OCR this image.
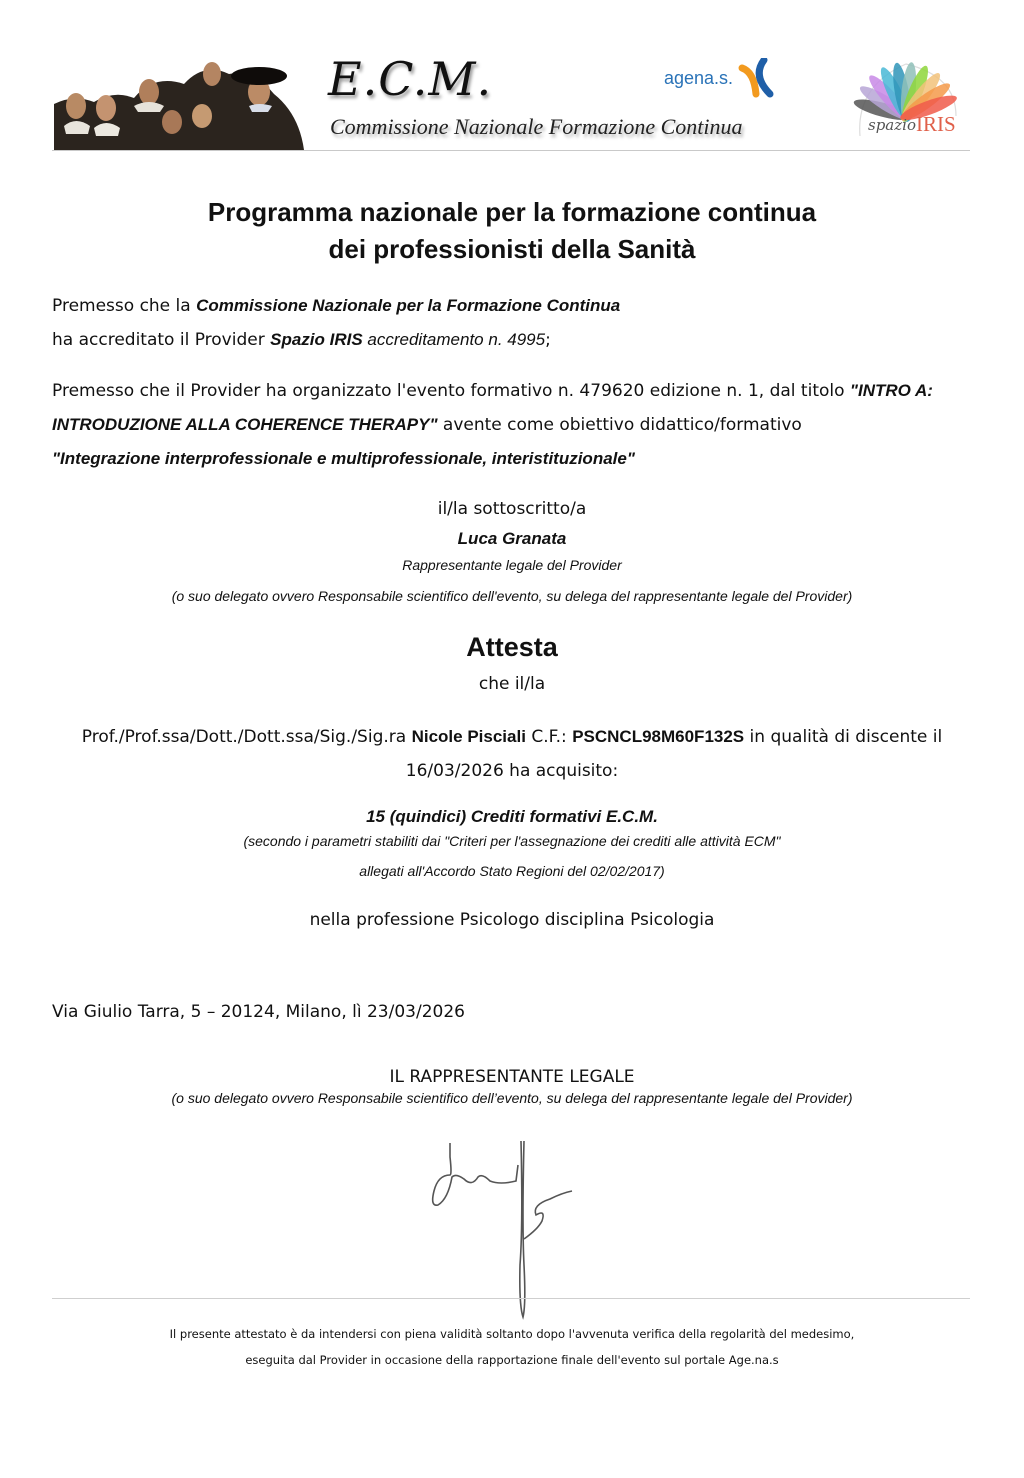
E.C.M.
Commissione Nazionale Formazione Continua
agena.s.
spazio IRIS
Programma nazionale per la formazione continua
dei professionisti della Sanità
Premesso che la Commissione Nazionale per la Formazione Continua
ha accreditato il Provider Spazio IRIS accreditamento n. 4995;
Premesso che il Provider ha organizzato l'evento formativo n. 479620 edizione n. 1, dal titolo "INTRO A:
INTRODUZIONE ALLA COHERENCE THERAPY" avente come obiettivo didattico/formativo
"Integrazione interprofessionale e multiprofessionale, interistituzionale"
il/la sottoscritto/a
Luca Granata
Rappresentante legale del Provider
(o suo delegato ovvero Responsabile scientifico dell'evento, su delega del rappresentante legale del Provider)
Attesta
che il/la
Prof./Prof.ssa/Dott./Dott.ssa/Sig./Sig.ra Nicole Pisciali C.F.: PSCNCL98M60F132S in qualità di discente il
16/03/2026 ha acquisito:
15 (quindici) Crediti formativi E.C.M.
(secondo i parametri stabiliti dai "Criteri per l'assegnazione dei crediti alle attività ECM"
allegati all'Accordo Stato Regioni del 02/02/2017)
nella professione Psicologo disciplina Psicologia
Via Giulio Tarra, 5 – 20124, Milano, lì 23/03/2026
IL RAPPRESENTANTE LEGALE
(o suo delegato ovvero Responsabile scientifico dell’evento, su delega del rappresentante legale del Provider)
Il presente attestato è da intendersi con piena validità soltanto dopo l'avvenuta verifica della regolarità del medesimo,
eseguita dal Provider in occasione della rapportazione finale dell'evento sul portale Age.na.s
